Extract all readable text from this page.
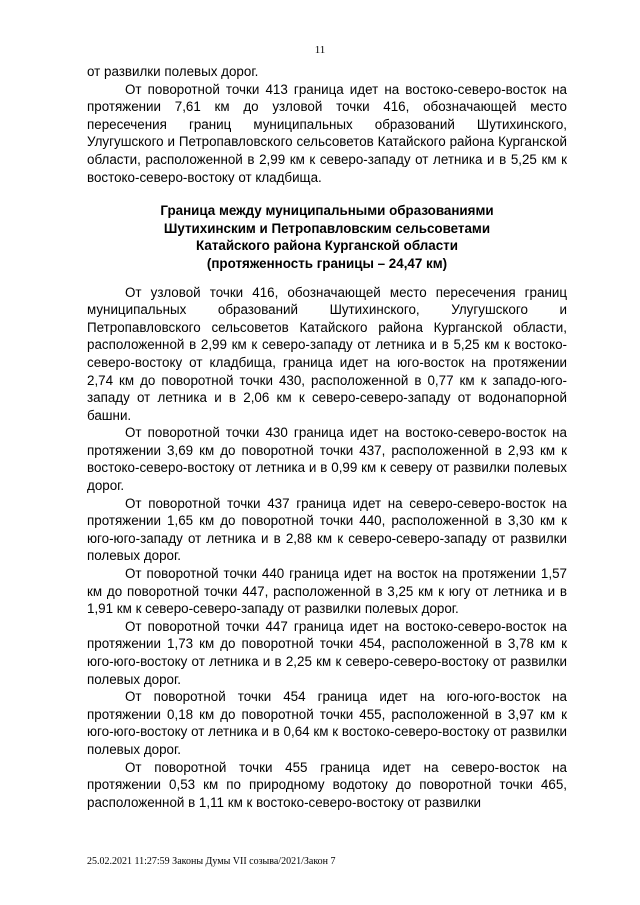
11

от развилки полевых дорог.

От поворотной точки 413 граница идет на востоко-северо-восток на протяжении 7,61 км до узловой точки 416, обозначающей место пересечения границ муниципальных образований Шутихинского, Улугушского и Петропавловского сельсоветов Катайского района Курганской области, расположенной в 2,99 км к северо-западу от летника и в 5,25 км к востоко-северо-востоку от кладбища.

Граница между муниципальными образованиями
Шутихинским и Петропавловским сельсоветами
Катайского района Курганской области
(протяженность границы – 24,47 км)

От узловой точки 416, обозначающей место пересечения границ муниципальных образований Шутихинского, Улугушского и Петропавловского сельсоветов Катайского района Курганской области, расположенной в 2,99 км к северо-западу от летника и в 5,25 км к востоко-северо-востоку от кладбища, граница идет на юго-восток на протяжении 2,74 км до поворотной точки 430, расположенной в 0,77 км к западо-юго-западу от летника и в 2,06 км к северо-северо-западу от водонапорной башни.

От поворотной точки 430 граница идет на востоко-северо-восток на протяжении 3,69 км до поворотной точки 437, расположенной в 2,93 км к востоко-северо-востоку от летника и в 0,99 км к северу от развилки полевых дорог.

От поворотной точки 437 граница идет на северо-северо-восток на протяжении 1,65 км до поворотной точки 440, расположенной в 3,30 км к юго-юго-западу от летника и в 2,88 км к северо-северо-западу от развилки полевых дорог.

От поворотной точки 440 граница идет на восток на протяжении 1,57 км до поворотной точки 447, расположенной в 3,25 км к югу от летника и в 1,91 км к северо-северо-западу от развилки полевых дорог.

От поворотной точки 447 граница идет на востоко-северо-восток на протяжении 1,73 км до поворотной точки 454, расположенной в 3,78 км к юго-юго-востоку от летника и в 2,25 км к северо-северо-востоку от развилки полевых дорог.

От поворотной точки 454 граница идет на юго-юго-восток на протяжении 0,18 км до поворотной точки 455, расположенной в 3,97 км к юго-юго-востоку от летника и в 0,64 км к востоко-северо-востоку от развилки полевых дорог.

От поворотной точки 455 граница идет на северо-восток на протяжении 0,53 км по природному водотоку до поворотной точки 465, расположенной в 1,11 км к востоко-северо-востоку от развилки

25.02.2021 11:27:59 Законы Думы VII созыва/2021/Закон 7
